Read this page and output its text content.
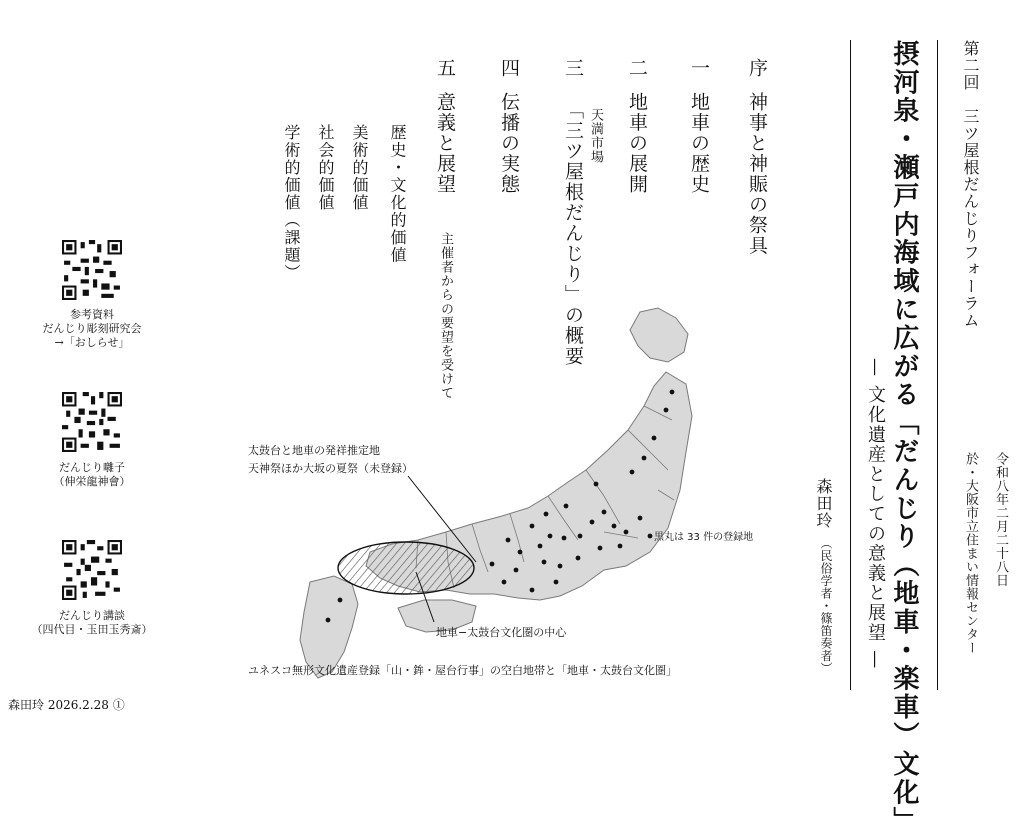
第二回　三ツ屋根だんじりフォーラム

令和八年二月二十八日

於・大阪市立住まい情報センター

摂河泉・瀬戸内海域に広がる「だんじり（地車・楽車）文化」

— 文化遺産としての意義と展望 —

森田玲

（民俗学者・篠笛奏者）

序
神事と神賑の祭具
一
地車の歴史
二
地車の展開
三
天満市場
「三ツ屋根だんじり」の概要
四
伝播の実態
五
意義と展望
主催者からの要望を受けて
歴史・文化的価値
美術的価値
社会的価値
学術的価値（課題）
太鼓台と地車の発祥推定地
天神祭ほか大坂の夏祭（未登録）
黒丸は 33 件の登録地
地車−太鼓台文化圏の中心
ユネスコ無形文化遺産登録「山・鉾・屋台行事」の空白地帯と「地車・太鼓台文化圏」
参考資料
だんじり彫刻研究会
→「おしらせ」
だんじり囃子
（伸栄龍神會）
だんじり講談
（四代目・玉田玉秀斎）
森田玲 2026.2.28 ①
